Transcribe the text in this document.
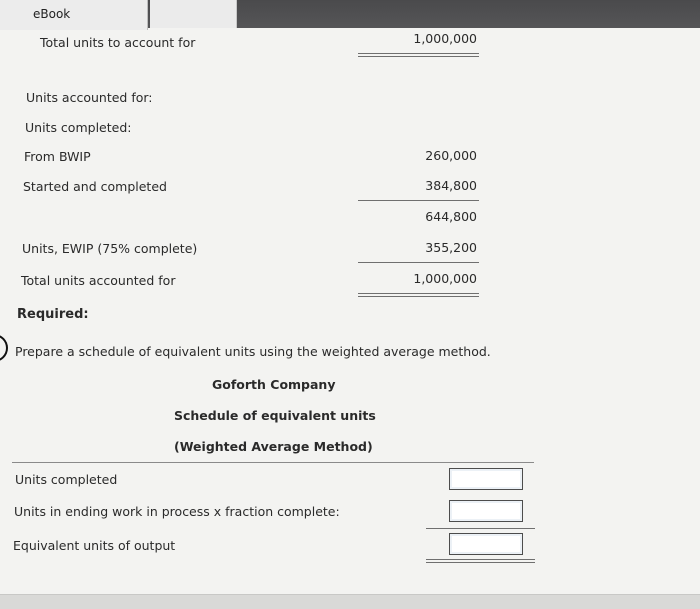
eBook
Total units to account for	1,000,000
Units accounted for:
Units completed:
From BWIP	260,000
Started and completed	384,800
644,800
Units, EWIP (75% complete)	355,200
Total units accounted for	1,000,000
Required:
Prepare a schedule of equivalent units using the weighted average method.
Goforth Company
Schedule of equivalent units
(Weighted Average Method)
Units completed
Units in ending work in process x fraction complete:
Equivalent units of output
